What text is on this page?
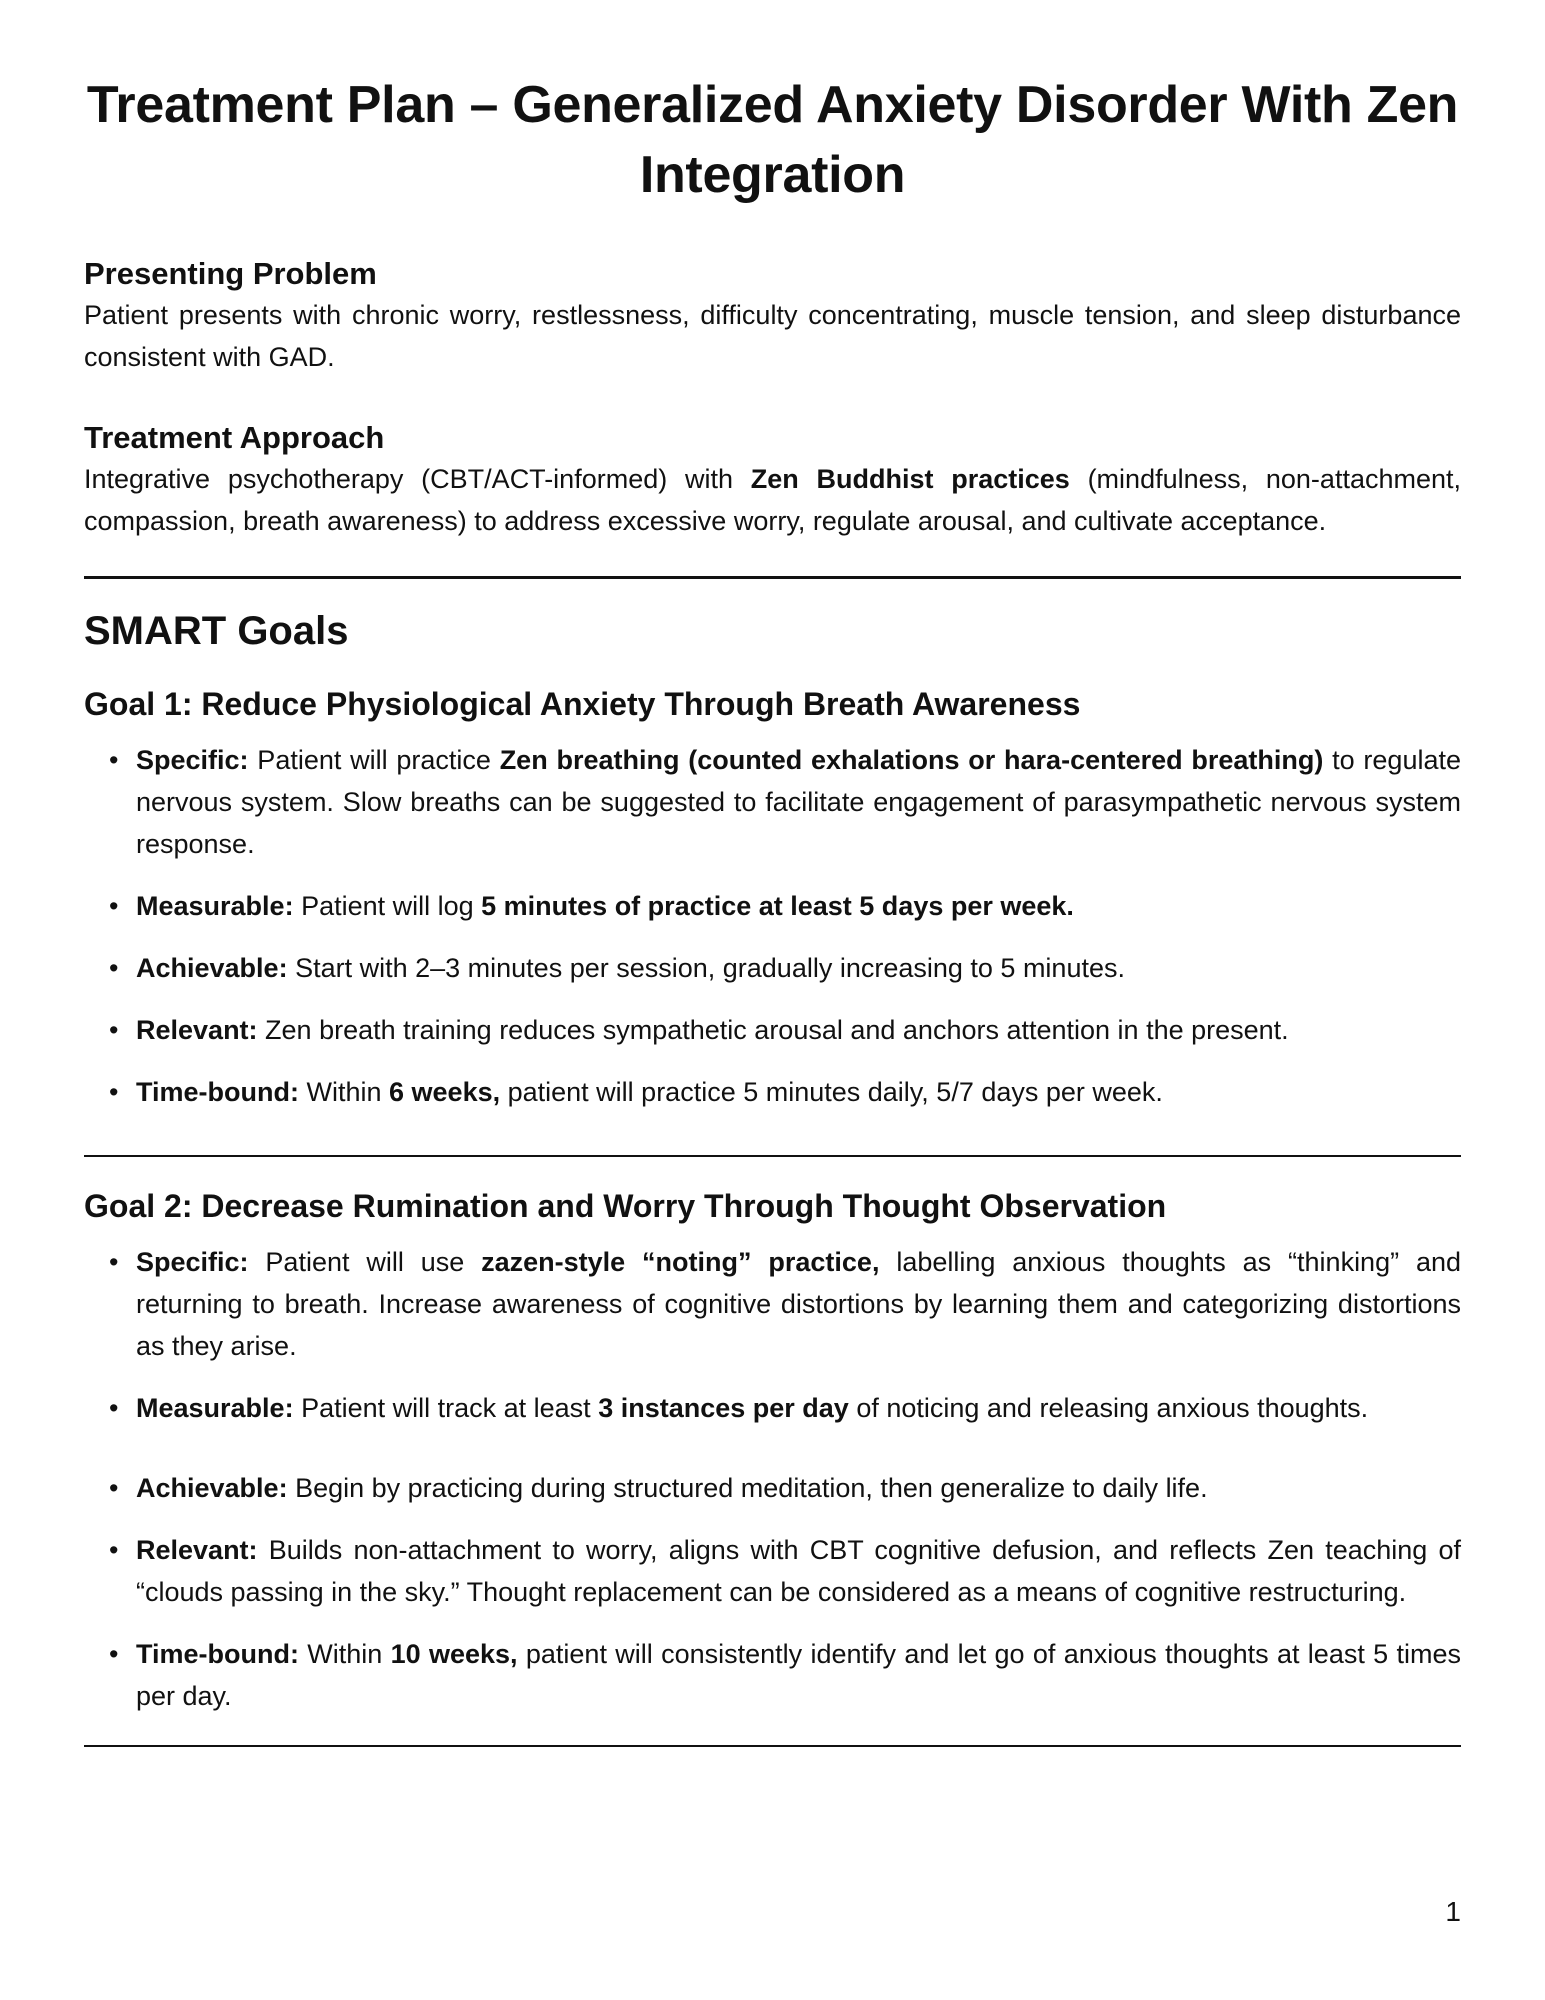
Treatment Plan – Generalized Anxiety Disorder With Zen Integration
Presenting Problem

Patient presents with chronic worry, restlessness, difficulty concentrating, muscle tension, and sleep disturbance consistent with GAD.

Treatment Approach

Integrative psychotherapy (CBT/ACT-informed) with Zen Buddhist practices (mindfulness, non-attachment, compassion, breath awareness) to address excessive worry, regulate arousal, and cultivate acceptance.

SMART Goals
Goal 1: Reduce Physiological Anxiety Through Breath Awareness
• Specific: Patient will practice Zen breathing (counted exhalations or hara-centered breathing) to regulate nervous system. Slow breaths can be suggested to facilitate engagement of parasympathetic nervous system response.
• Measurable: Patient will log 5 minutes of practice at least 5 days per week.
• Achievable: Start with 2–3 minutes per session, gradually increasing to 5 minutes.
• Relevant: Zen breath training reduces sympathetic arousal and anchors attention in the present.
• Time-bound: Within 6 weeks, patient will practice 5 minutes daily, 5/7 days per week.
Goal 2: Decrease Rumination and Worry Through Thought Observation
• Specific: Patient will use zazen-style “noting” practice, labelling anxious thoughts as “thinking” and returning to breath. Increase awareness of cognitive distortions by learning them and categorizing distortions as they arise.
• Measurable: Patient will track at least 3 instances per day of noticing and releasing anxious thoughts.
• Achievable: Begin by practicing during structured meditation, then generalize to daily life.
• Relevant: Builds non-attachment to worry, aligns with CBT cognitive defusion, and reflects Zen teaching of “clouds passing in the sky.” Thought replacement can be considered as a means of cognitive restructuring.
• Time-bound: Within 10 weeks, patient will consistently identify and let go of anxious thoughts at least 5 times per day.
1
